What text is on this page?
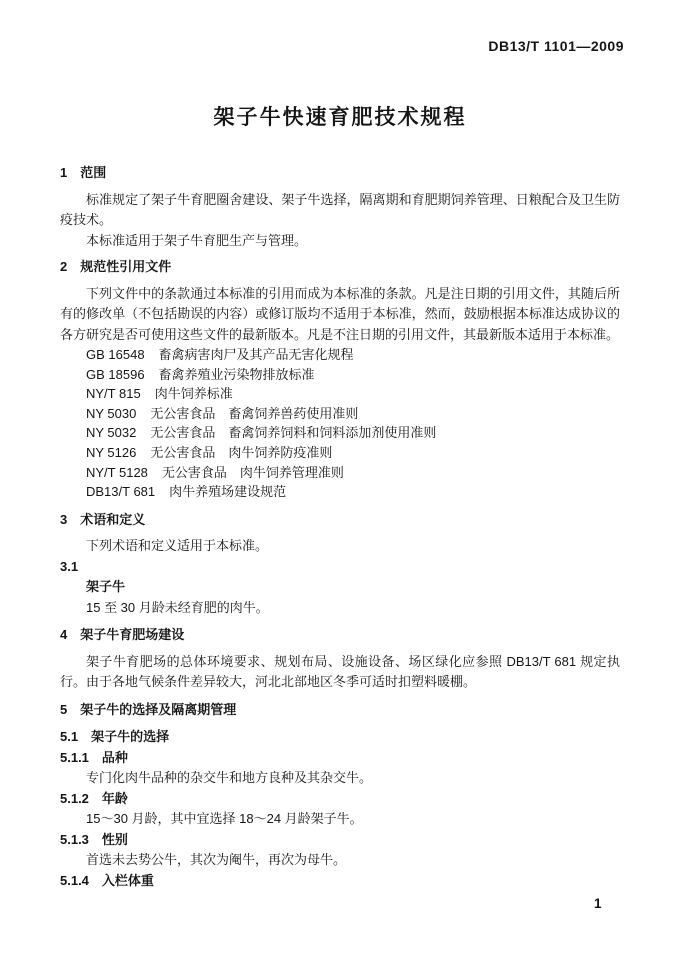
DB13/T 1101—2009
架子牛快速育肥技术规程
1 范围

标准规定了架子牛育肥圈舍建设、架子牛选择，隔离期和育肥期饲养管理、日粮配合及卫生防疫技术。

本标准适用于架子牛育肥生产与管理。

2 规范性引用文件

下列文件中的条款通过本标准的引用而成为本标准的条款。凡是注日期的引用文件，其随后所有的修改单（不包括勘误的内容）或修订版均不适用于本标准，然而，鼓励根据本标准达成协议的各方研究是否可使用这些文件的最新版本。凡是不注日期的引用文件，其最新版本适用于本标准。

GB 16548 畜禽病害肉尸及其产品无害化规程
GB 18596 畜禽养殖业污染物排放标准
NY/T 815 肉牛饲养标准
NY 5030 无公害食品　畜禽饲养兽药使用准则
NY 5032 无公害食品　畜禽饲养饲料和饲料添加剂使用准则
NY 5126 无公害食品　肉牛饲养防疫准则
NY/T 5128 无公害食品　肉牛饲养管理准则
DB13/T 681 肉牛养殖场建设规范
3 术语和定义

下列术语和定义适用于本标准。

3.1
架子牛
15 至 30 月龄未经育肥的肉牛。
4 架子牛育肥场建设

架子牛育肥场的总体环境要求、规划布局、设施设备、场区绿化应参照 DB13/T 681 规定执行。由于各地气候条件差异较大，河北北部地区冬季可适时扣塑料暖棚。

5 架子牛的选择及隔离期管理
5.1 架子牛的选择
5.1.1 品种

专门化肉牛品种的杂交牛和地方良种及其杂交牛。

5.1.2 年龄

15～30 月龄，其中宜选择 18～24 月龄架子牛。

5.1.3 性别

首选未去势公牛，其次为阉牛，再次为母牛。

5.1.4 入栏体重
1
